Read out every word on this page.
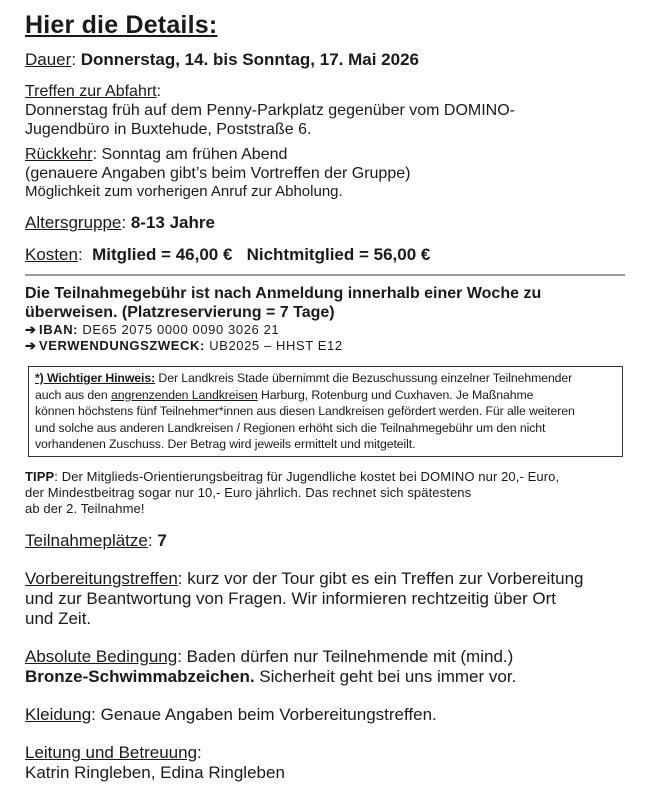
Hier die Details:
Dauer: Donnerstag, 14. bis Sonntag, 17. Mai 2026
Treffen zur Abfahrt:
Donnerstag früh auf dem Penny-Parkplatz gegenüber vom DOMINO-
Jugendbüro in Buxtehude, Poststraße 6.
Rückkehr: Sonntag am frühen Abend
(genauere Angaben gibt’s beim Vortreffen der Gruppe)
Möglichkeit zum vorherigen Anruf zur Abholung.
Altersgruppe: 8-13 Jahre
Kosten:  Mitglied = 46,00 € Nichtmitglied = 56,00 €
Die Teilnahmegebühr ist nach Anmeldung innerhalb einer Woche zu
überweisen. (Platzreservierung = 7 Tage)
➔ IBAN: DE65 2075 0000 0090 3026 21
➔ VERWENDUNGSZWECK: UB2025 – HHST E12
*) Wichtiger Hinweis: Der Landkreis Stade übernimmt die Bezuschussung einzelner Teilnehmender
auch aus den angrenzenden Landkreisen Harburg, Rotenburg und Cuxhaven. Je Maßnahme
können höchstens fünf Teilnehmer*innen aus diesen Landkreisen gefördert werden. Für alle weiteren
und solche aus anderen Landkreisen / Regionen erhöht sich die Teilnahmegebühr um den nicht
vorhandenen Zuschuss. Der Betrag wird jeweils ermittelt und mitgeteilt.
TIPP: Der Mitglieds-Orientierungsbeitrag für Jugendliche kostet bei DOMINO nur 20,- Euro,
der Mindestbeitrag sogar nur 10,- Euro jährlich. Das rechnet sich spätestens
ab der 2. Teilnahme!
Teilnahmeplätze: 7
Vorbereitungstreffen: kurz vor der Tour gibt es ein Treffen zur Vorbereitung
und zur Beantwortung von Fragen. Wir informieren rechtzeitig über Ort
und Zeit.
Absolute Bedingung: Baden dürfen nur Teilnehmende mit (mind.)
Bronze-Schwimmabzeichen. Sicherheit geht bei uns immer vor.
Kleidung: Genaue Angaben beim Vorbereitungstreffen.
Leitung und Betreuung:
Katrin Ringleben, Edina Ringleben
